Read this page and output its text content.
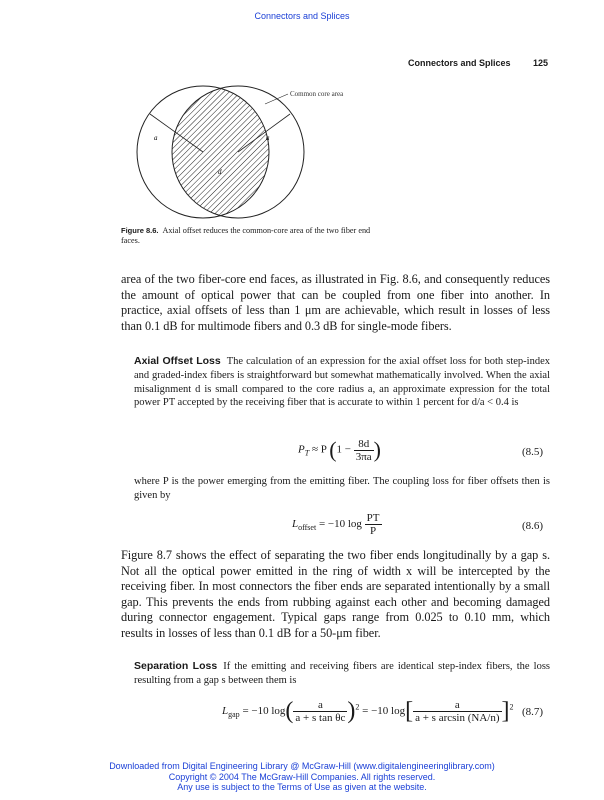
Connectors and Splices
Connectors and Splices	125
Common core area
a	a
d
Figure 8.6. Axial offset reduces the common-core area of the two fiber end faces.
area of the two fiber-core end faces, as illustrated in Fig. 8.6, and consequently reduces the amount of optical power that can be coupled from one fiber into another. In practice, axial offsets of less than 1 μm are achievable, which result in losses of less than 0.1 dB for multimode fibers and 0.3 dB for single-mode fibers.
Axial Offset Loss The calculation of an expression for the axial offset loss for both step-index and graded-index fibers is straightforward but somewhat mathematically involved. When the axial misalignment d is small compared to the core radius a, an approximate expression for the total power PT accepted by the receiving fiber that is accurate to within 1 percent for d/a < 0.4 is
$P_T \approx P$ ($1 - \frac{8d}{3\pi a}$ )	(8.5)
where P is the power emerging from the emitting fiber. The coupling loss for fiber offsets then is given by
$L_{offset} = -10$ $\log \frac{PT}{P}$	(8.6)
Figure 8.7 shows the effect of separating the two fiber ends longitudinally by a gap s. Not all the optical power emitted in the ring of width x will be intercepted by the receiving fiber. In most connectors the fiber ends are separated intentionally by a small gap. This prevents the ends from rubbing against each other and becoming damaged during connector engagement. Typical gaps range from 0.025 to 0.10 mm, which results in losses of less than 0.1 dB for a 50-μm fiber.
Separation Loss If the emitting and receiving fibers are identical step-index fibers, the loss resulting from a gap s between them is
$L_{gap} = -10$ $\log( \frac{a}{\text{a + s tan θc}} )^2 = -10$ $\log[ \frac{a}{\text{a + s arcsin (NA/n)}} ]^2$ (8.7)
Downloaded from Digital Engineering Library @ McGraw-Hill (www.digitalengineeringlibrary.com)
Copyright © 2004 The McGraw-Hill Companies. All rights reserved.
Any use is subject to the Terms of Use as given at the website.
